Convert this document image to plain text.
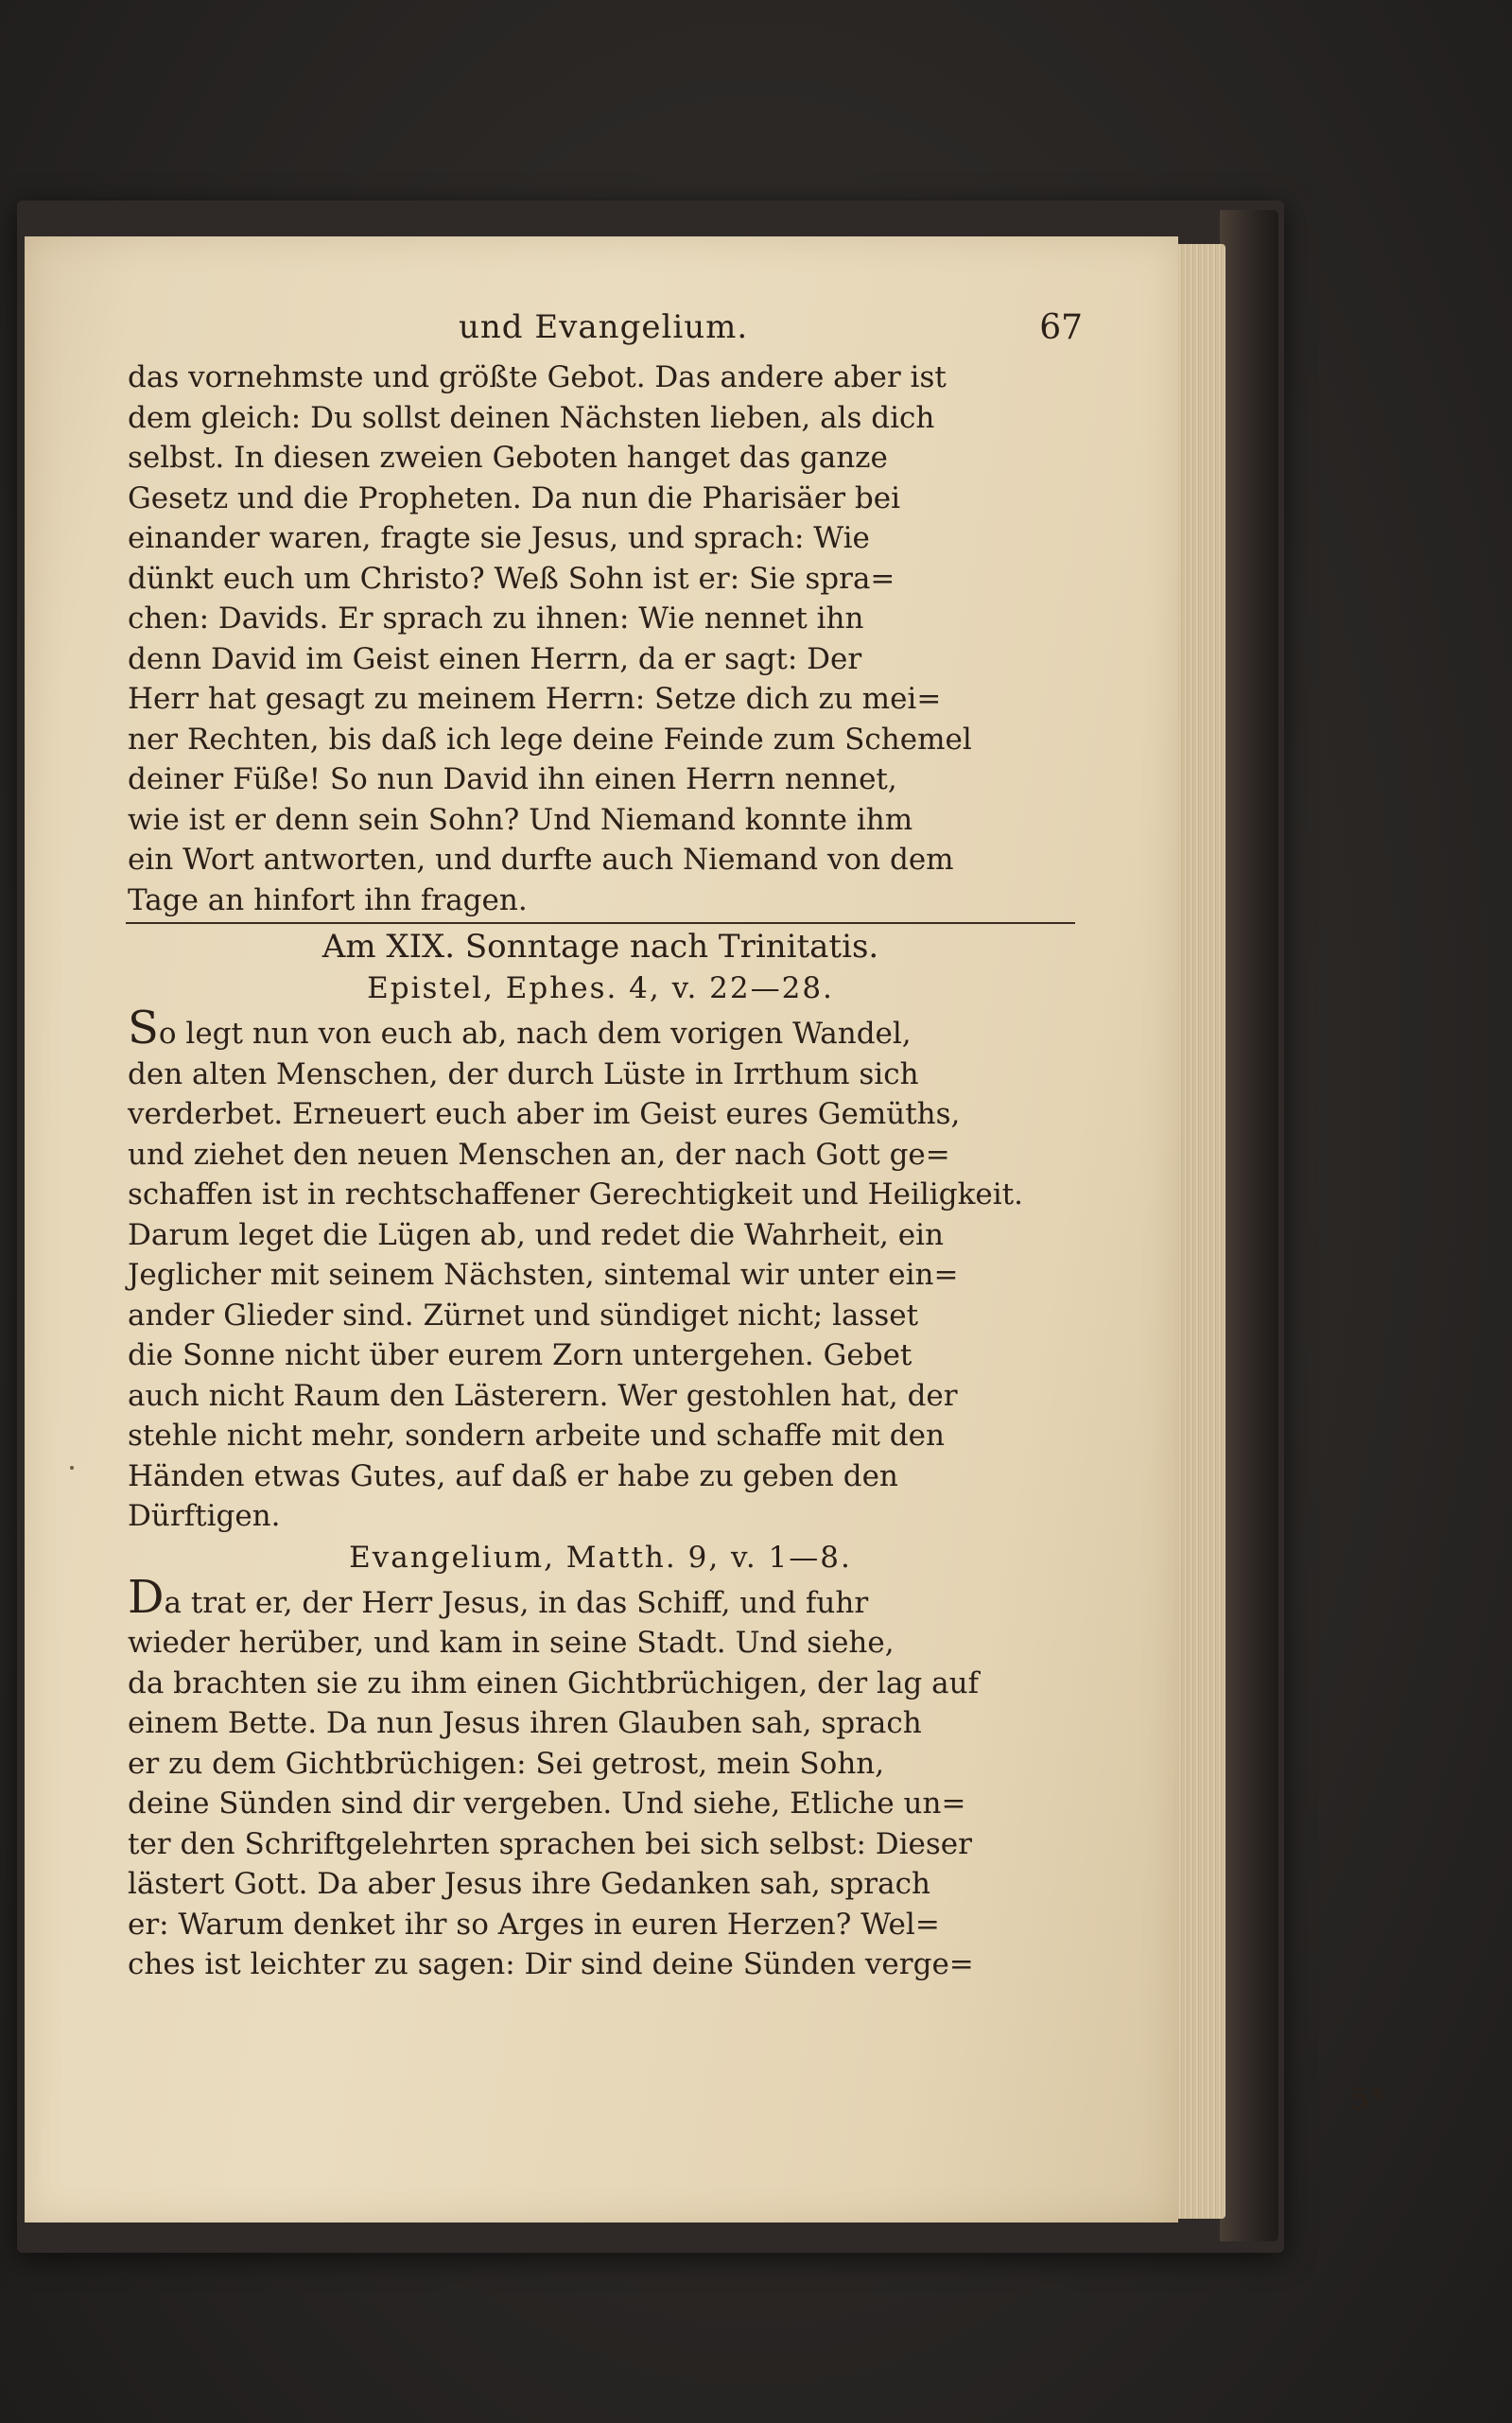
und Evangelium.	67
das vornehmste und größte Gebot. Das andere aber ist
dem gleich: Du sollst deinen Nächsten lieben, als dich
selbst. In diesen zweien Geboten hanget das ganze
Gesetz und die Propheten. Da nun die Pharisäer bei
einander waren, fragte sie Jesus, und sprach: Wie
dünkt euch um Christo? Weß Sohn ist er: Sie spra=
chen: Davids. Er sprach zu ihnen: Wie nennet ihn
denn David im Geist einen Herrn, da er sagt: Der
Herr hat gesagt zu meinem Herrn: Setze dich zu mei=
ner Rechten, bis daß ich lege deine Feinde zum Schemel
deiner Füße! So nun David ihn einen Herrn nennet,
wie ist er denn sein Sohn? Und Niemand konnte ihm
ein Wort antworten, und durfte auch Niemand von dem
Tage an hinfort ihn fragen.
Am XIX. Sonntage nach Trinitatis.
Epistel, Ephes. 4, v. 22—28.
So legt nun von euch ab, nach dem vorigen Wandel,
den alten Menschen, der durch Lüste in Irrthum sich
verderbet. Erneuert euch aber im Geist eures Gemüths,
und ziehet den neuen Menschen an, der nach Gott ge=
schaffen ist in rechtschaffener Gerechtigkeit und Heiligkeit.
Darum leget die Lügen ab, und redet die Wahrheit, ein
Jeglicher mit seinem Nächsten, sintemal wir unter ein=
ander Glieder sind. Zürnet und sündiget nicht; lasset
die Sonne nicht über eurem Zorn untergehen. Gebet
auch nicht Raum den Lästerern. Wer gestohlen hat, der
stehle nicht mehr, sondern arbeite und schaffe mit den
Händen etwas Gutes, auf daß er habe zu geben den
Dürftigen.
Evangelium, Matth. 9, v. 1—8.
Da trat er, der Herr Jesus, in das Schiff, und fuhr
wieder herüber, und kam in seine Stadt. Und siehe,
da brachten sie zu ihm einen Gichtbrüchigen, der lag auf
einem Bette. Da nun Jesus ihren Glauben sah, sprach
er zu dem Gichtbrüchigen: Sei getrost, mein Sohn,
deine Sünden sind dir vergeben. Und siehe, Etliche un=
ter den Schriftgelehrten sprachen bei sich selbst: Dieser
lästert Gott. Da aber Jesus ihre Gedanken sah, sprach
er: Warum denket ihr so Arges in euren Herzen? Wel=
ches ist leichter zu sagen: Dir sind deine Sünden verge=
5*
